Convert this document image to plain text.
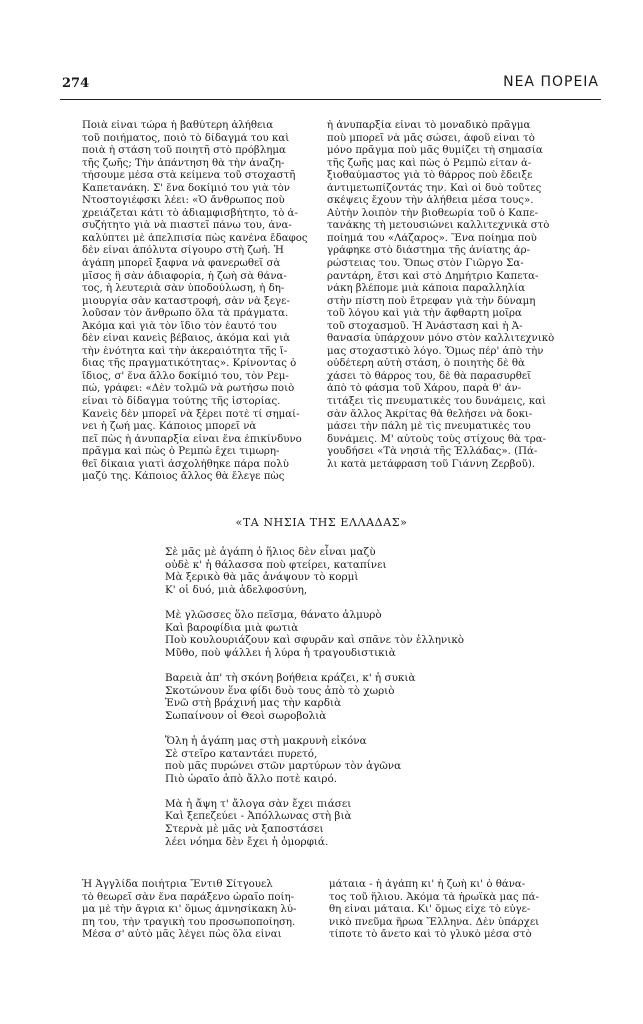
274	ΝΕΑ ΠΟΡΕΙΑ
Ποιὰ εἶναι τώρα ἡ βαθύτερη ἀλήθεια
τοῦ ποιήματος, ποιὸ τὸ δίδαγμά του καὶ
ποιὰ ἡ στάση τοῦ ποιητῆ στὸ πρόβλημα
τῆς ζωῆς; Τὴν ἀπάντηση θὰ τὴν ἀναζη-
τήσουμε μέσα στὰ κείμενα τοῦ στοχαστῆ
Καπετανάκη. Σ' ἕνα δοκίμιό του γιὰ τὸν
Ντοστογιέφσκι λέει: «Ὁ ἄνθρωπος ποὺ
χρειάζεται κάτι τὸ ἀδιαμφισβήτητο, τὸ ἀ-
συζήτητο γιὰ νὰ πιαστεῖ πάνω του, ἀνα-
καλύπτει μὲ ἀπελπισία πὼς κανένα ἔδαφος
δὲν εἶναι ἀπόλυτα σίγουρο στὴ ζωή. Ἡ
ἀγάπη μπορεῖ ξαφνα νὰ φανερωθεῖ σὰ
μῖσος ἢ σὰν ἀδιαφορία, ἡ ζωὴ σὰ θάνα-
τος, ἡ λευτεριὰ σὰν ὑποδούλωση, ἡ δη-
μιουργία σὰν καταστροφή, σὰν νὰ ξεγε-
λοῦσαν τὸν ἄνθρωπο ὅλα τὰ πράγματα.
Ἀκόμα καὶ γιὰ τὸν ἴδιο τὸν ἑαυτό του
δὲν εἶναι κανεὶς βέβαιος, ἀκόμα καὶ γιὰ
τὴν ἑνότητα καὶ τὴν ἀκεραιότητα τῆς ἴ-
διας τῆς πραγματικότητας». Κρίνοντας ὁ
ἴδιος, σ' ἕνα ἄλλο δοκίμιό του, τὸν Ρεμ-
πώ, γράφει: «Δὲν τολμῶ νὰ ρωτήσω ποιὸ
εἶναι τὸ δίδαγμα τούτης τῆς ἱστορίας.
Κανεὶς δὲν μπορεῖ νὰ ξέρει ποτὲ τί σημαί-
νει ἡ ζωή μας. Κάποιος μπορεῖ νὰ
πεῖ πὼς ἡ ἀνυπαρξία εἶναι ἕνα ἐπικίνδυνο
πρᾶγμα καὶ πὼς ὁ Ρεμπὼ ἔχει τιμωρη-
θεῖ δίκαια γιατὶ ἀσχολήθηκε πάρα πολὺ
μαζύ της. Κάποιος ἄλλος θὰ ἔλεγε πὼς
ἡ ἀνυπαρξία εἶναι τὸ μοναδικὸ πρᾶγμα
ποὺ μπορεῖ νὰ μᾶς σώσει, ἀφοῦ εἶναι τὸ
μόνο πρᾶγμα ποὺ μᾶς θυμίζει τὴ σημασία
τῆς ζωῆς μας καὶ πὼς ὁ Ρεμπὼ εἶταν ἀ-
ξιοθαύμαστος γιὰ τὸ θάρρος ποὺ ἔδειξε
ἀντιμετωπίζοντάς την. Καὶ οἱ δυὸ τοῦτες
σκέψεις ἔχουν τὴν ἀλήθεια μέσα τους».
Αὐτὴν λοιπὸν τὴν βιοθεωρία τοῦ ὁ Καπε-
τανάκης τὴ μετουσιώνει καλλιτεχνικὰ στὸ
ποίημά του «Λάζαρος». Ἕνα ποίημα ποὺ
γράφηκε στὸ διάστημα τῆς ἀνίατης ἀρ-
ρώστειας του. Ὅπως στὸν Γιῶργο Σα-
ραντάρη, ἔτσι καὶ στὸ Δημήτριο Καπετα-
νάκη βλέπομε μιὰ κάποια παραλληλία
στὴν πίστη ποὺ ἔτρεφαν γιὰ τὴν δύναμη
τοῦ λόγου καὶ γιὰ τὴν ἄφθαρτη μοῖρα
τοῦ στοχασμοῦ. Ἡ Ἀνάσταση καὶ ἡ Ἀ-
θανασία ὑπάρχουν μόνο στὸν καλλιτεχνικὸ
μας στοχαστικὸ λόγο. Ὅμως πέρ' ἀπὸ τὴν
οὐδέτερη αὐτὴ στάση, ὁ ποιητὴς δὲ θὰ
χάσει τὸ θάρρος του, δὲ θὰ παρασυρθεῖ
ἀπὸ τὸ φάσμα τοῦ Χάρου, παρὰ θ' ἀν-
τιτάξει τὶς πνευματικὲς του δυνάμεις, καὶ
σὰν ἄλλος Ἀκρίτας θὰ θελήσει νὰ δοκι-
μάσει τὴν πάλη μὲ τὶς πνευματικὲς του
δυνάμεις. Μ' αὐτοὺς τοὺς στίχους θὰ τρα-
γουδήσει «Τὰ νησιὰ τῆς Ἑλλάδας». (Πά-
λι κατὰ μετάφραση τοῦ Γιάννη Ζερβοῦ).
«ΤΑ ΝΗΣΙΑ ΤΗΣ ΕΛΛΑΔΑΣ»
Σὲ μᾶς μὲ ἀγάπη ὁ ἥλιος δὲν εἶναι μαζὺ
οὐδὲ κ' ἡ θάλασσα ποὺ φτείρει, καταπίνει
Μὰ ξερικὸ θὰ μᾶς ἀνάψουν τὸ κορμὶ
Κ' οἱ δυό, μιὰ ἀδελφοσύνη,
Μὲ γλῶσσες ὅλο πεῖσμα, θάνατο ἁλμυρὸ
Καὶ βαροφίδια μιὰ φωτιὰ
Ποὺ κουλουριάζουν καὶ σφυρᾶν καὶ σπᾶνε τὸν ἑλληνικὸ
Μῦθο, ποὺ ψάλλει ἡ λύρα ἡ τραγουδιστικιὰ
Βαρειὰ ἀπ' τὴ σκόνη βοήθεια κράζει, κ' ἡ συκιὰ
Σκοτώνουν ἕνα φίδι δυὸ τους ἀπὸ τὸ χωριὸ
Ἐνῶ στὴ βράχινή μας τὴν καρδιὰ
Σωπαίνουν οἱ Θεοὶ σωροβολιὰ
Ὅλη ἡ ἀγάπη μας στὴ μακρυνὴ εἰκόνα
Σὲ στεῖρο καταντάει πυρετό,
ποὺ μᾶς πυρώνει στῶν μαρτύρων τὸν ἀγῶνα
Πιὸ ὡραῖο ἀπὸ ἄλλο ποτὲ καιρό.
Μὰ ἡ ἄψη τ' ἄλογα σὰν ἔχει πιάσει
Καὶ ξεπεζεύει - Ἀπόλλωνας στὴ βιὰ
Στερνὰ μὲ μᾶς νὰ ξαποστάσει
λέει νόημα δὲν ἔχει ἡ ὀμορφιά.
Ἡ Ἀγγλίδα ποιήτρια Ἔντιθ Σίτγουελ
τὸ θεωρεῖ σὰν ἕνα παράξενο ὡραῖο ποίη-
μα μὲ τὴν ἄγρια κι' ὅμως ἀμνησίκακη λύ-
πη του, τὴν τραγικὴ του προσωποποίηση.
Μέσα σ' αὐτὸ μᾶς λέγει πὼς ὅλα εἶναι
μάταια - ἡ ἀγάπη κι' ἡ ζωὴ κι' ὁ θάνα-
τος τοῦ ἥλιου. Ἀκόμα τὰ ἡρωϊκὰ μας πά-
θη εἶναι μάταια. Κι' ὅμως εἶχε τὸ εὐγε-
νικὸ πνεῦμα ἥρωα Ἕλληνα. Δὲν ὑπάρχει
τίποτε τὸ ἄνετο καὶ τὸ γλυκὸ μέσα στὸ
